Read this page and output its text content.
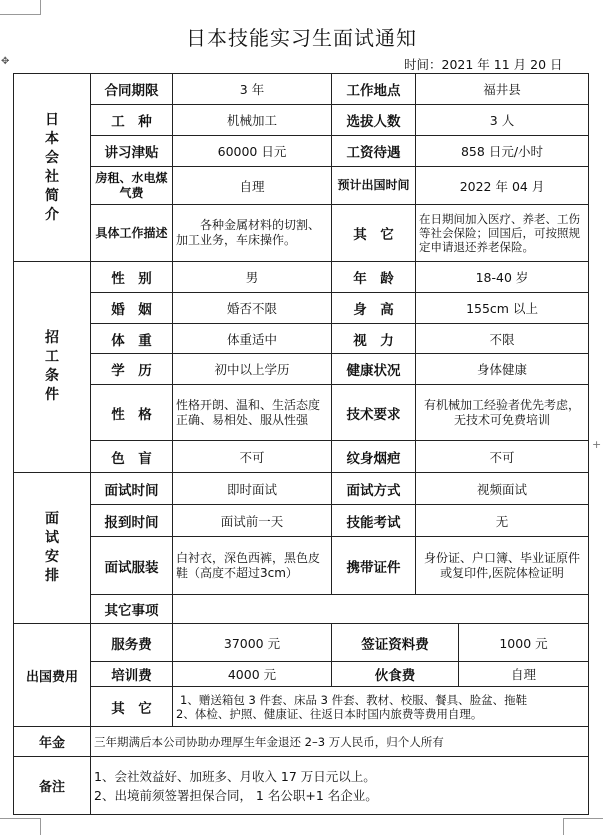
✥
+
日本技能实习生面试通知
时间：2021 年 11 月 20 日
日本会社简介	合同期限	3 年	工作地点	福井县	
	工　种	机械加工	选拔人数	3 人	
	讲习津贴	60000 日元	工资待遇	858 日元/小时	
	房租、水电煤气费	自理	预计出国时间	2022 年 04 月	
	具体工作描述	各种金属材料的切割、加工业务，车床操作。	其　它	在日期间加入医疗、养老、工伤等社会保险；回国后，可按照规定申请退还养老保险。	

招工条件	性　别	男	年　龄	18-40 岁	
	婚　姻	婚否不限	身　高	155cm 以上	
	体　重	体重适中	视　力	不限	
	学　历	初中以上学历	健康状况	身体健康	
	性　格	性格开朗、温和、生活态度正确、易相处、服从性强	技术要求	有机械加工经验者优先考虑，无技术可免费培训	
	色　盲	不可	纹身烟疤	不可	

面试安排	面试时间	即时面试	面试方式	视频面试	
	报到时间	面试前一天	技能考试	无	
	面试服装	白衬衣，深色西裤，黑色皮鞋（高度不超过3cm）	携带证件	身份证、户口簿、毕业证原件或复印件,医院体检证明	
	其它事项				
出国费用	服务费	37000 元	签证资料费		1000 元
	培训费	4000 元	伙食费		自理
	其　它	1、赠送箱包 3 件套、床品 3 件套、教材、校服、餐具、脸盆、拖鞋
2、体检、护照、健康证、往返日本时国内旅费等费用自理。			

年金	三年期满后本公司协助办理厚生年金退还 2–3 万人民币，归个人所有				
备注	1、会社效益好、加班多、月收入 17 万日元以上。
2、出境前须签署担保合同， 1 名公职+1 名企业。				
